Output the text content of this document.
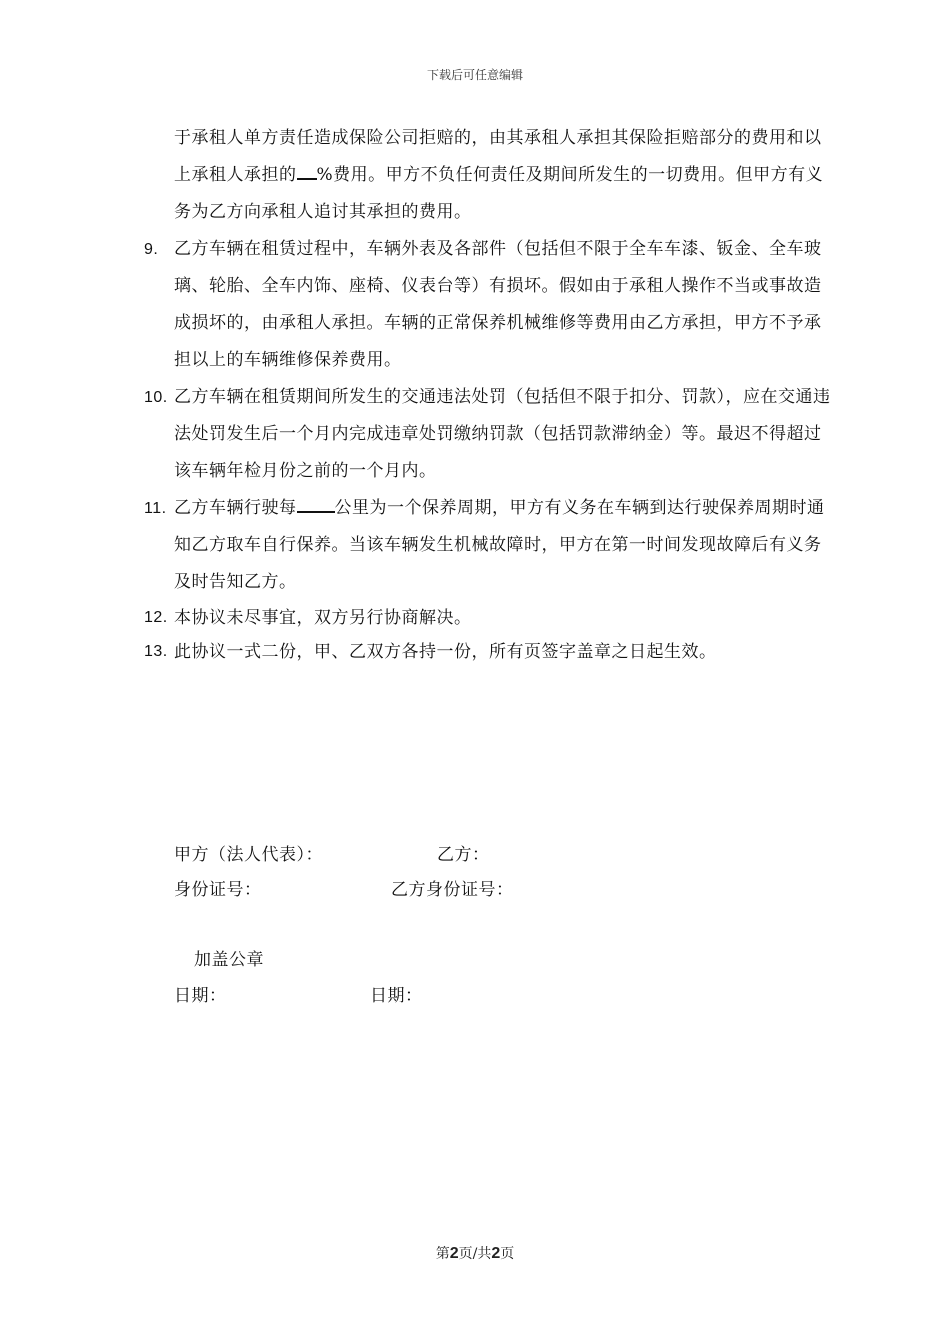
下载后可任意编辑
于承租人单方责任造成保险公司拒赔的，由其承租人承担其保险拒赔部分的费用和以上承租人承担的 %费用。甲方不负任何责任及期间所发生的一切费用。但甲方有义务为乙方向承租人追讨其承担的费用。
9. 乙方车辆在租赁过程中，车辆外表及各部件（包括但不限于全车车漆、钣金、全车玻璃、轮胎、全车内饰、座椅、仪表台等）有损坏。假如由于承租人操作不当或事故造成损坏的，由承租人承担。车辆的正常保养机械维修等费用由乙方承担，甲方不予承担以上的车辆维修保养费用。
10. 乙方车辆在租赁期间所发生的交通违法处罚（包括但不限于扣分、罚款），应在交通违法处罚发生后一个月内完成违章处罚缴纳罚款（包括罚款滞纳金）等。最迟不得超过该车辆年检月份之前的一个月内。
11. 乙方车辆行驶每 公里为一个保养周期，甲方有义务在车辆到达行驶保养周期时通知乙方取车自行保养。当该车辆发生机械故障时，甲方在第一时间发现故障后有义务及时告知乙方。
12. 本协议未尽事宜，双方另行协商解决。
13. 此协议一式二份，甲、乙双方各持一份，所有页签字盖章之日起生效。
甲方（法人代表）：	乙方：
身份证号：	乙方身份证号：
加盖公章
日期：	日期：
第2页/共2页
